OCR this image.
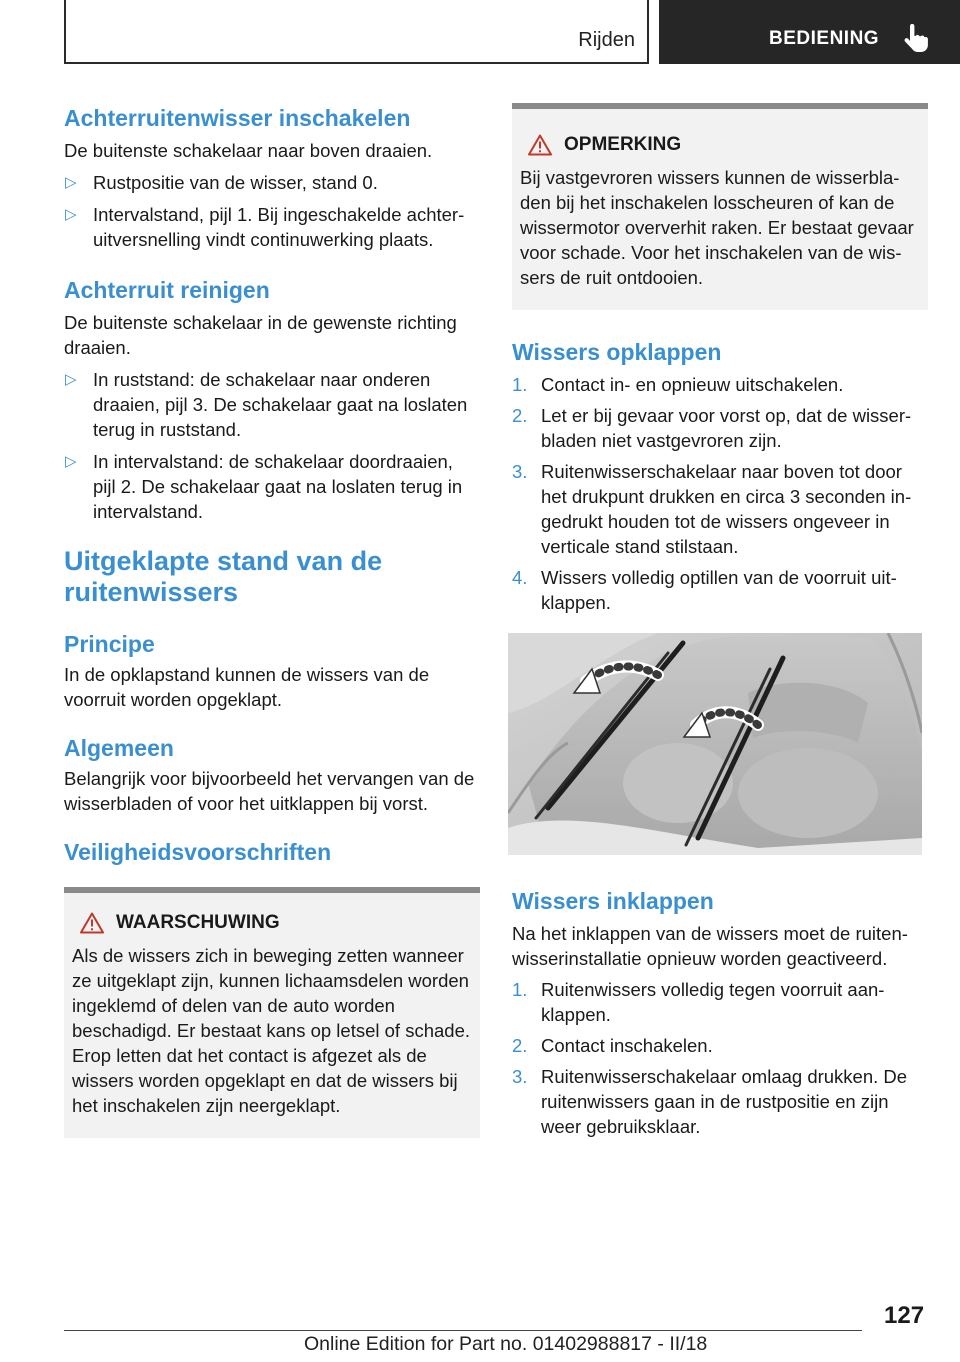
Rijden	BEDIENING
Achterruitenwisser inschakelen

De buitenste schakelaar naar boven draaien.

▷ Rustpositie van de wisser, stand 0.
▷ Intervalstand, pijl 1. Bij ingeschakelde achteruitversnelling vindt continuwerking plaats.
Achterruit reinigen

De buitenste schakelaar in de gewenste richting draaien.

▷ In ruststand: de schakelaar naar onderen draaien, pijl 3. De schakelaar gaat na loslaten terug in ruststand.
▷ In intervalstand: de schakelaar doordraaien, pijl 2. De schakelaar gaat na loslaten terug in intervalstand.
Uitgeklapte stand van de ruitenwissers
Principe

In de opklapstand kunnen de wissers van de voorruit worden opgeklapt.

Algemeen

Belangrijk voor bijvoorbeeld het vervangen van de wisserbladen of voor het uitklappen bij vorst.

Veiligheidsvoorschriften
WAARSCHUWING

Als de wissers zich in beweging zetten wanneer ze uitgeklapt zijn, kunnen lichaamsdelen worden ingeklemd of delen van de auto worden beschadigd. Er bestaat kans op letsel of schade. Erop letten dat het contact is afgezet als de wissers worden opgeklapt en dat de wissers bij het inschakelen zijn neergeklapt.

OPMERKING

Bij vastgevroren wissers kunnen de wisserbladen bij het inschakelen losscheuren of kan de wissermotor oververhit raken. Er bestaat gevaar voor schade. Voor het inschakelen van de wissers de ruit ontdooien.

Wissers opklappen
1. Contact in- en opnieuw uitschakelen.
2. Let er bij gevaar voor vorst op, dat de wisserbladen niet vastgevroren zijn.
3. Ruitenwisserschakelaar naar boven tot door het drukpunt drukken en circa 3 seconden ingedrukt houden tot de wissers ongeveer in verticale stand stilstaan.
4. Wissers volledig optillen van de voorruit uitklappen.
Wissers inklappen

Na het inklappen van de wissers moet de ruitenwisserinstallatie opnieuw worden geactiveerd.

1. Ruitenwissers volledig tegen voorruit aanklappen.
2. Contact inschakelen.
3. Ruitenwisserschakelaar omlaag drukken. De ruitenwissers gaan in de rustpositie en zijn weer gebruiksklaar.
127
Online Edition for Part no. 01402988817 - II/18
